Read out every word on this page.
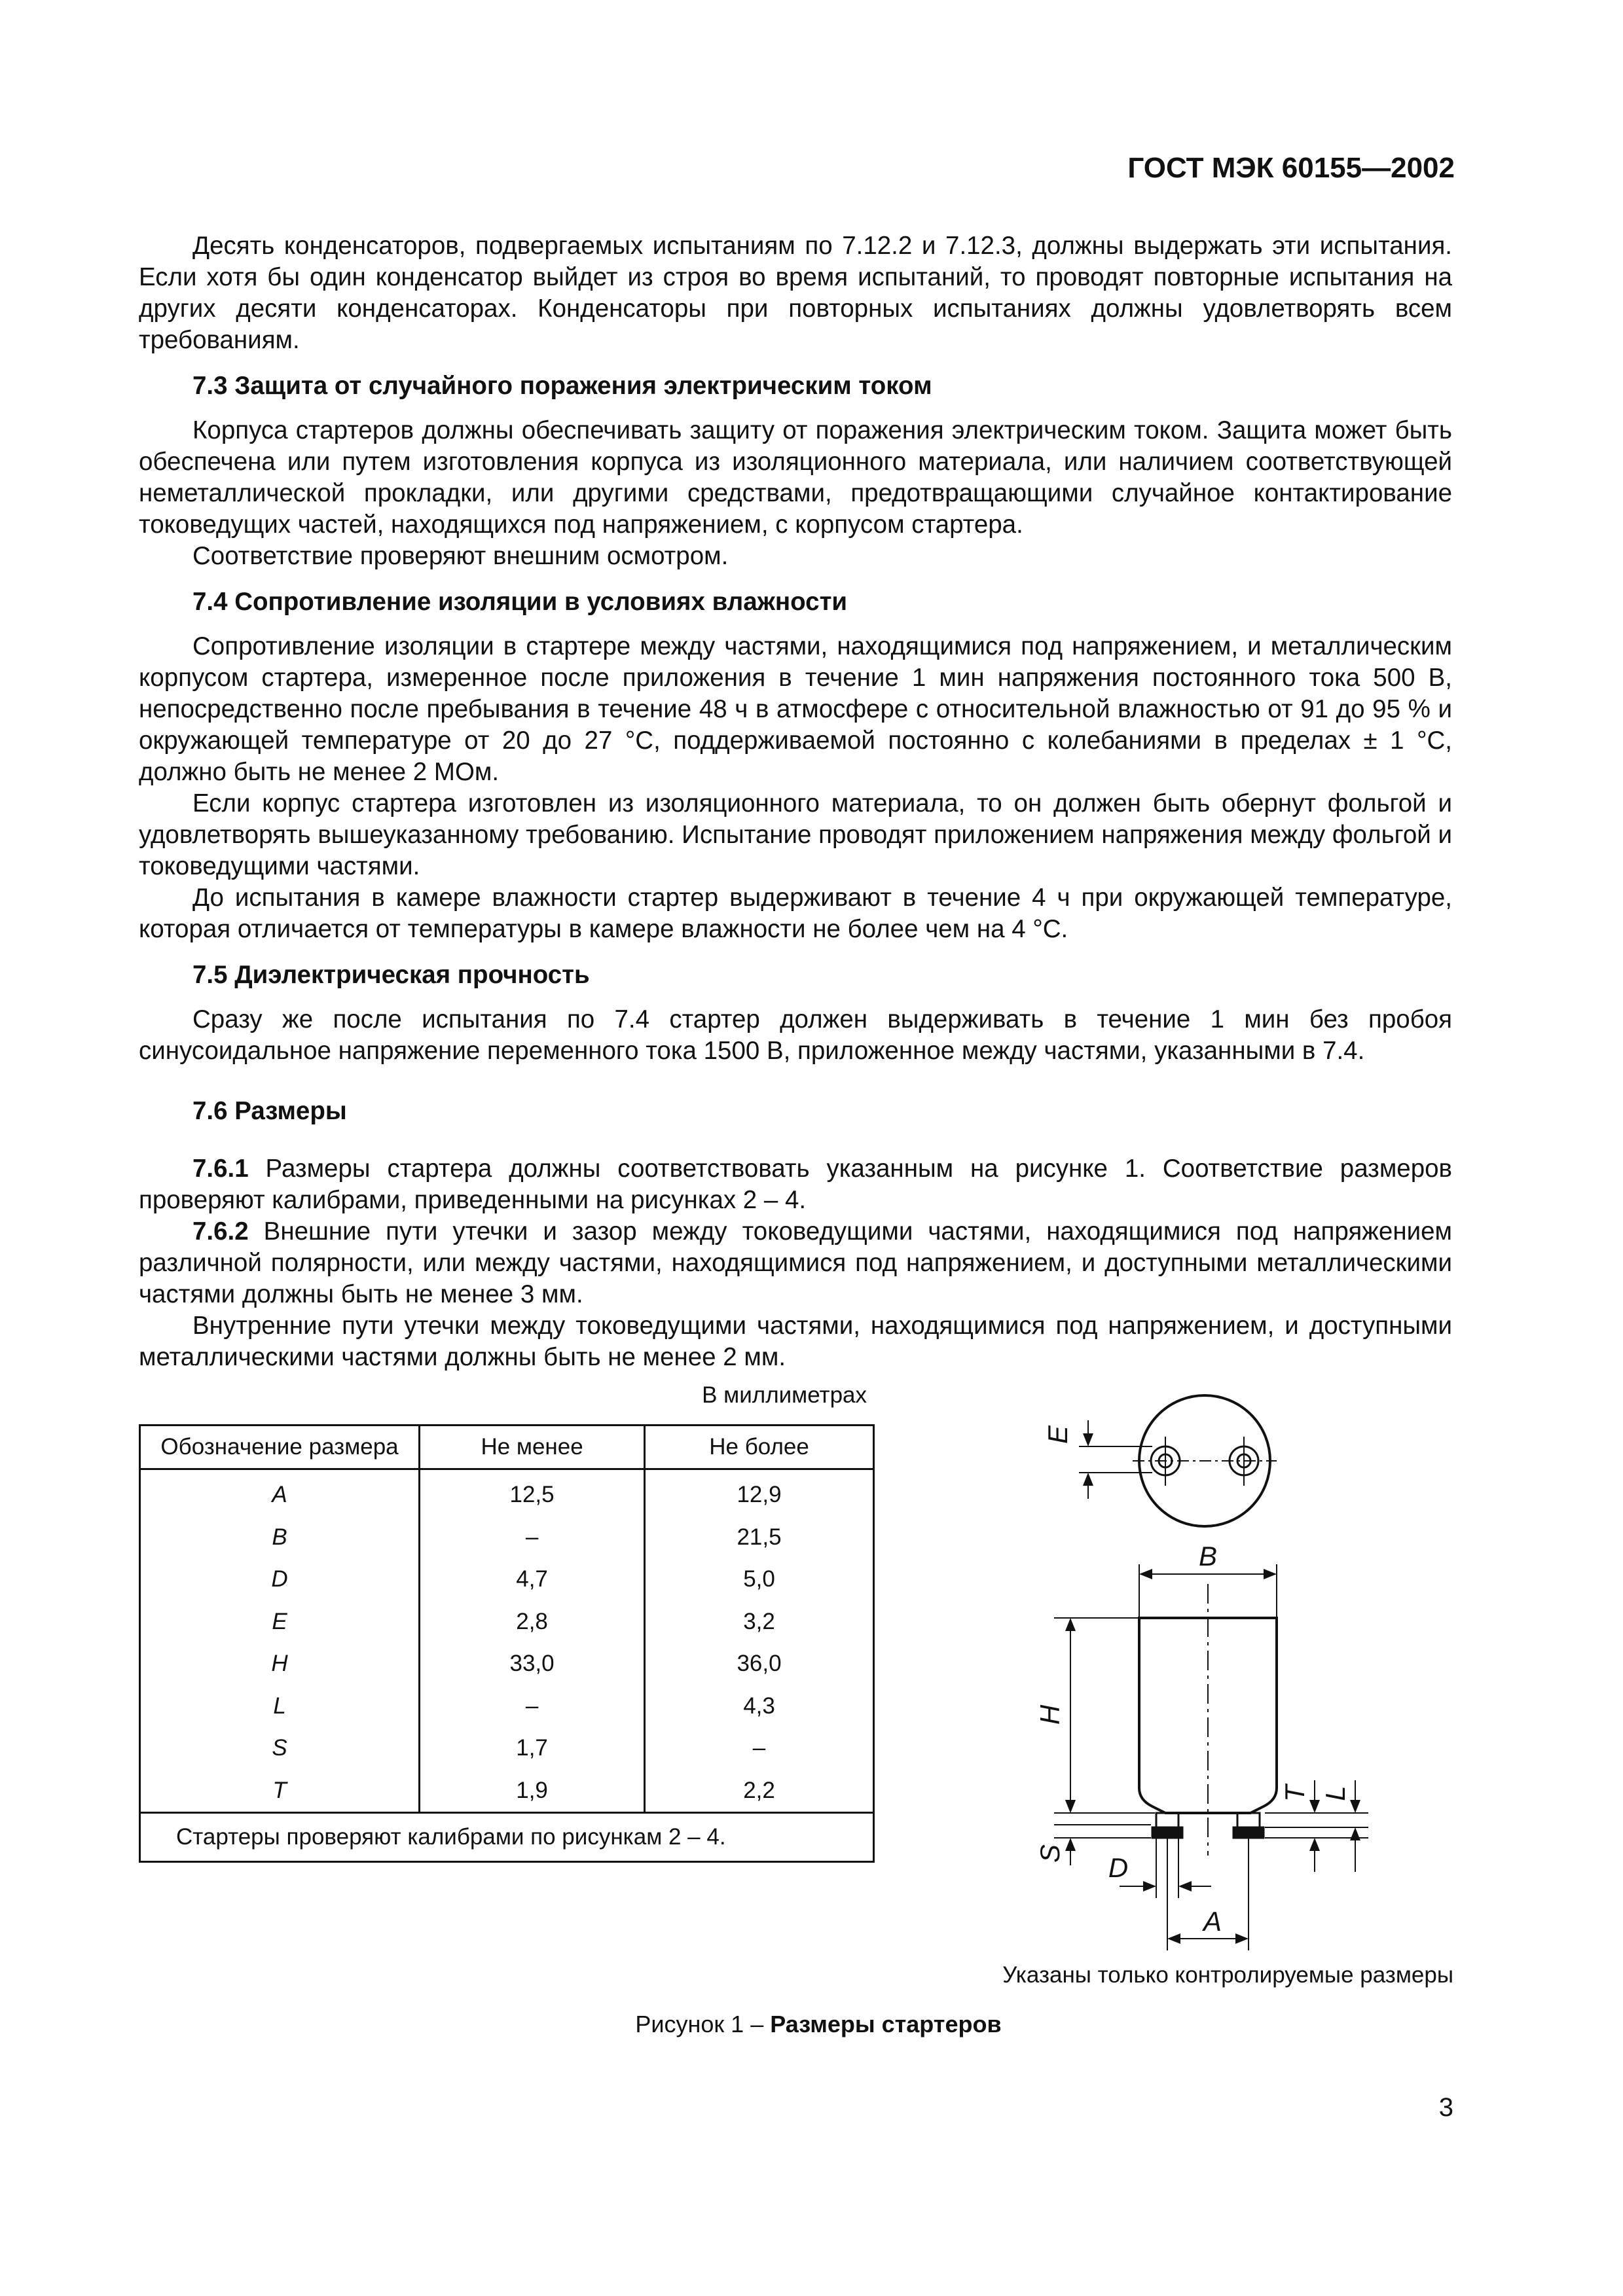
ГОСТ МЭК 60155—2002

Десять конденсаторов, подвергаемых испытаниям по 7.12.2 и 7.12.3, должны выдержать эти испытания. Если хотя бы один конденсатор выйдет из строя во время испытаний, то проводят повторные испытания на других десяти конденсаторах. Конденсаторы при повторных испытаниях должны удовлетворять всем требованиям.

7.3 Защита от случайного поражения электрическим током

Корпуса стартеров должны обеспечивать защиту от поражения электрическим током. Защита может быть обеспечена или путем изготовления корпуса из изоляционного материала, или наличием соответствующей неметаллической прокладки, или другими средствами, предотвращающими случайное контактирование токоведущих частей, находящихся под напряжением, с корпусом стартера.

Соответствие проверяют внешним осмотром.

7.4 Сопротивление изоляции в условиях влажности

Сопротивление изоляции в стартере между частями, находящимися под напряжением, и металлическим корпусом стартера, измеренное после приложения в течение 1 мин напряжения постоянного тока 500 В, непосредственно после пребывания в течение 48 ч в атмосфере с относительной влажностью от 91 до 95 % и окружающей температуре от 20 до 27 °С, поддерживаемой постоянно с колебаниями в пределах ± 1 °С, должно быть не менее 2 МОм.

Если корпус стартера изготовлен из изоляционного материала, то он должен быть обернут фольгой и удовлетворять вышеуказанному требованию. Испытание проводят приложением напряжения между фольгой и токоведущими частями.

До испытания в камере влажности стартер выдерживают в течение 4 ч при окружающей температуре, которая отличается от температуры в камере влажности не более чем на 4 °С.

7.5 Диэлектрическая прочность

Сразу же после испытания по 7.4 стартер должен выдерживать в течение 1 мин без пробоя синусоидальное напряжение переменного тока 1500 В, приложенное между частями, указанными в 7.4.

7.6 Размеры

7.6.1 Размеры стартера должны соответствовать указанным на рисунке 1. Соответствие размеров проверяют калибрами, приведенными на рисунках 2 – 4.

7.6.2 Внешние пути утечки и зазор между токоведущими частями, находящимися под напряжением различной полярности, или между частями, находящимися под напряжением, и доступными металлическими частями должны быть не менее 3 мм.

Внутренние пути утечки между токоведущими частями, находящимися под напряжением, и доступными металлическими частями должны быть не менее 2 мм.

В миллиметрах
Обозначение размера	Не менее	Не более
A	12,5	12,9
B	–	21,5
D	4,7	5,0
E	2,8	3,2
H	33,0	36,0
L	–	4,3
S	1,7	–
T	1,9	2,2
Стартеры проверяют калибрами по рисункам 2 – 4.		
E
B
H
S
T L
D
A
Указаны только контролируемые размеры
Рисунок 1 – Размеры стартеров
3
